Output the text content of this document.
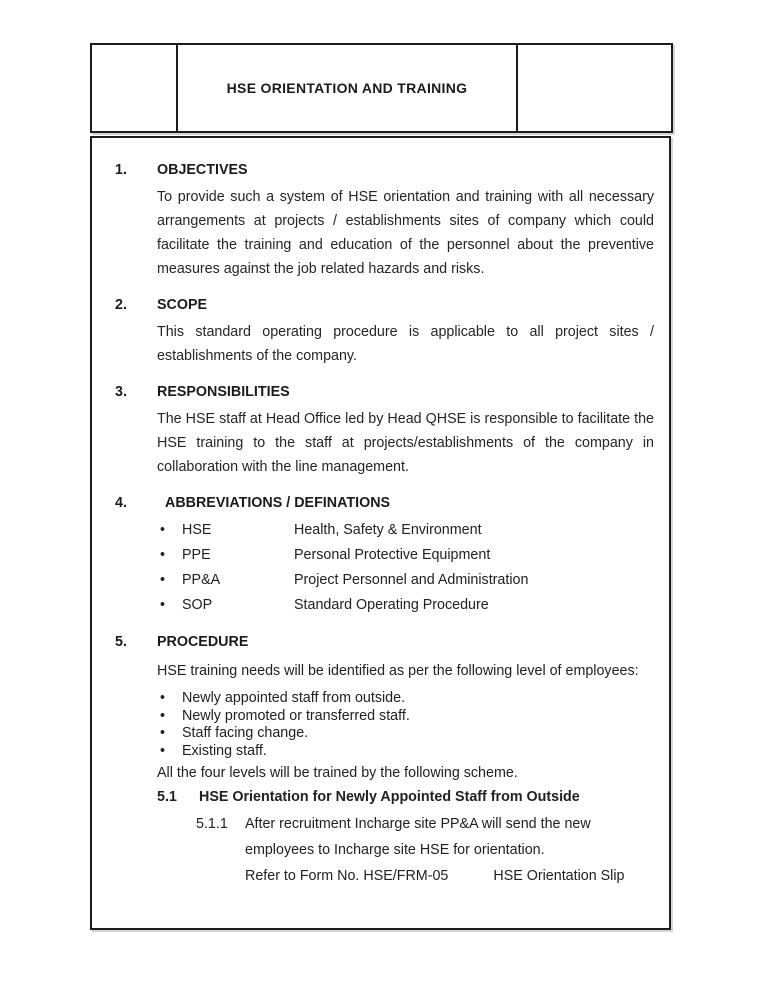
	HSE ORIENTATION AND TRAINING	
1.	OBJECTIVES

To provide such a system of HSE orientation and training with all necessary arrangements at projects / establishments sites of company which could facilitate the training and education of the personnel about the preventive measures against the job related hazards and risks.

2.	SCOPE

This standard operating procedure is applicable to all project sites / establishments of the company.

3.	RESPONSIBILITIES

The HSE staff at Head Office led by Head QHSE is responsible to facilitate the HSE training to the staff at projects/establishments of the company in collaboration with the line management.

4.	ABBREVIATIONS / DEFINATIONS
•	HSE	Health, Safety & Environment
•	PPE	Personal Protective Equipment
•	PP&A	Project Personnel and Administration
•	SOP	Standard Operating Procedure
5.	PROCEDURE

HSE training needs will be identified as per the following level of employees:

•	Newly appointed staff from outside.
•	Newly promoted or transferred staff.
•	Staff facing change.
•	Existing staff.

All the four levels will be trained by the following scheme.

5.1	HSE Orientation for Newly Appointed Staff from Outside
5.1.1	After recruitment Incharge site PP&A will send the new employees to Incharge site HSE for orientation.

Refer to Form No. HSE/FRM-05	HSE Orientation Slip
